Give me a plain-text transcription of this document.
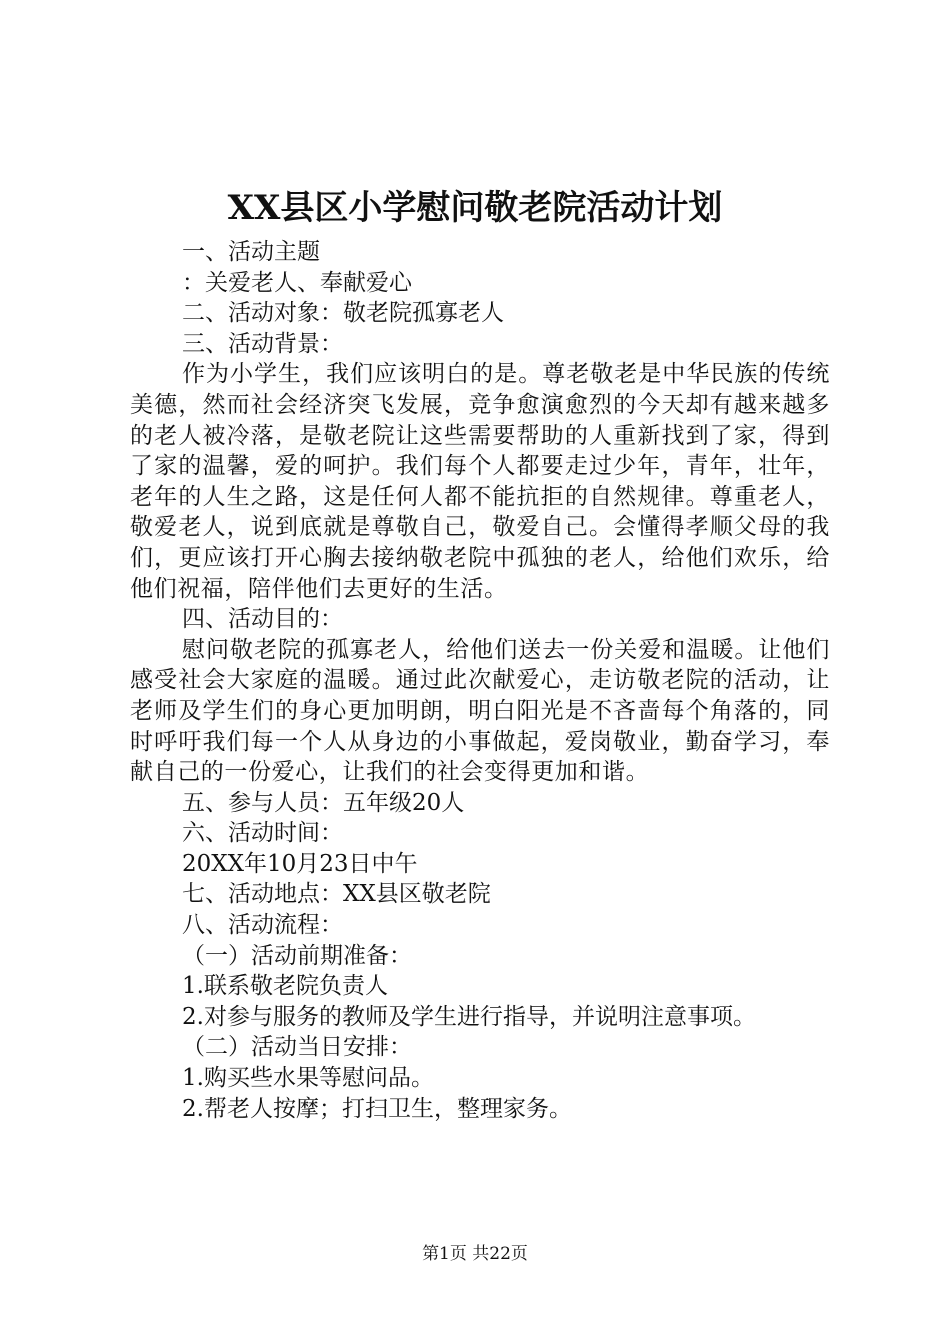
XX县区小学慰问敬老院活动计划
一、活动主题
：关爱老人、奉献爱心
二、活动对象：敬老院孤寡老人
三、活动背景：

作为小学生，我们应该明白的是。尊老敬老是中华民族的传统美德，然而社会经济突飞发展，竞争愈演愈烈的今天却有越来越多的老人被冷落，是敬老院让这些需要帮助的人重新找到了家，得到了家的温馨，爱的呵护。我们每个人都要走过少年，青年，壮年，老年的人生之路，这是任何人都不能抗拒的自然规律。尊重老人，敬爱老人，说到底就是尊敬自己，敬爱自己。会懂得孝顺父母的我们，更应该打开心胸去接纳敬老院中孤独的老人，给他们欢乐，给他们祝福，陪伴他们去更好的生活。

四、活动目的：

慰问敬老院的孤寡老人，给他们送去一份关爱和温暖。让他们感受社会大家庭的温暖。通过此次献爱心，走访敬老院的活动，让老师及学生们的身心更加明朗，明白阳光是不吝啬每个角落的，同时呼吁我们每一个人从身边的小事做起，爱岗敬业，勤奋学习，奉献自己的一份爱心，让我们的社会变得更加和谐。

五、参与人员：五年级20人
六、活动时间：
20XX年10月23日中午
七、活动地点：XX县区敬老院
八、活动流程：
（一）活动前期准备：
1.联系敬老院负责人
2.对参与服务的教师及学生进行指导，并说明注意事项。
（二）活动当日安排：
1.购买些水果等慰问品。
2.帮老人按摩；打扫卫生，整理家务。
第1页 共22页
